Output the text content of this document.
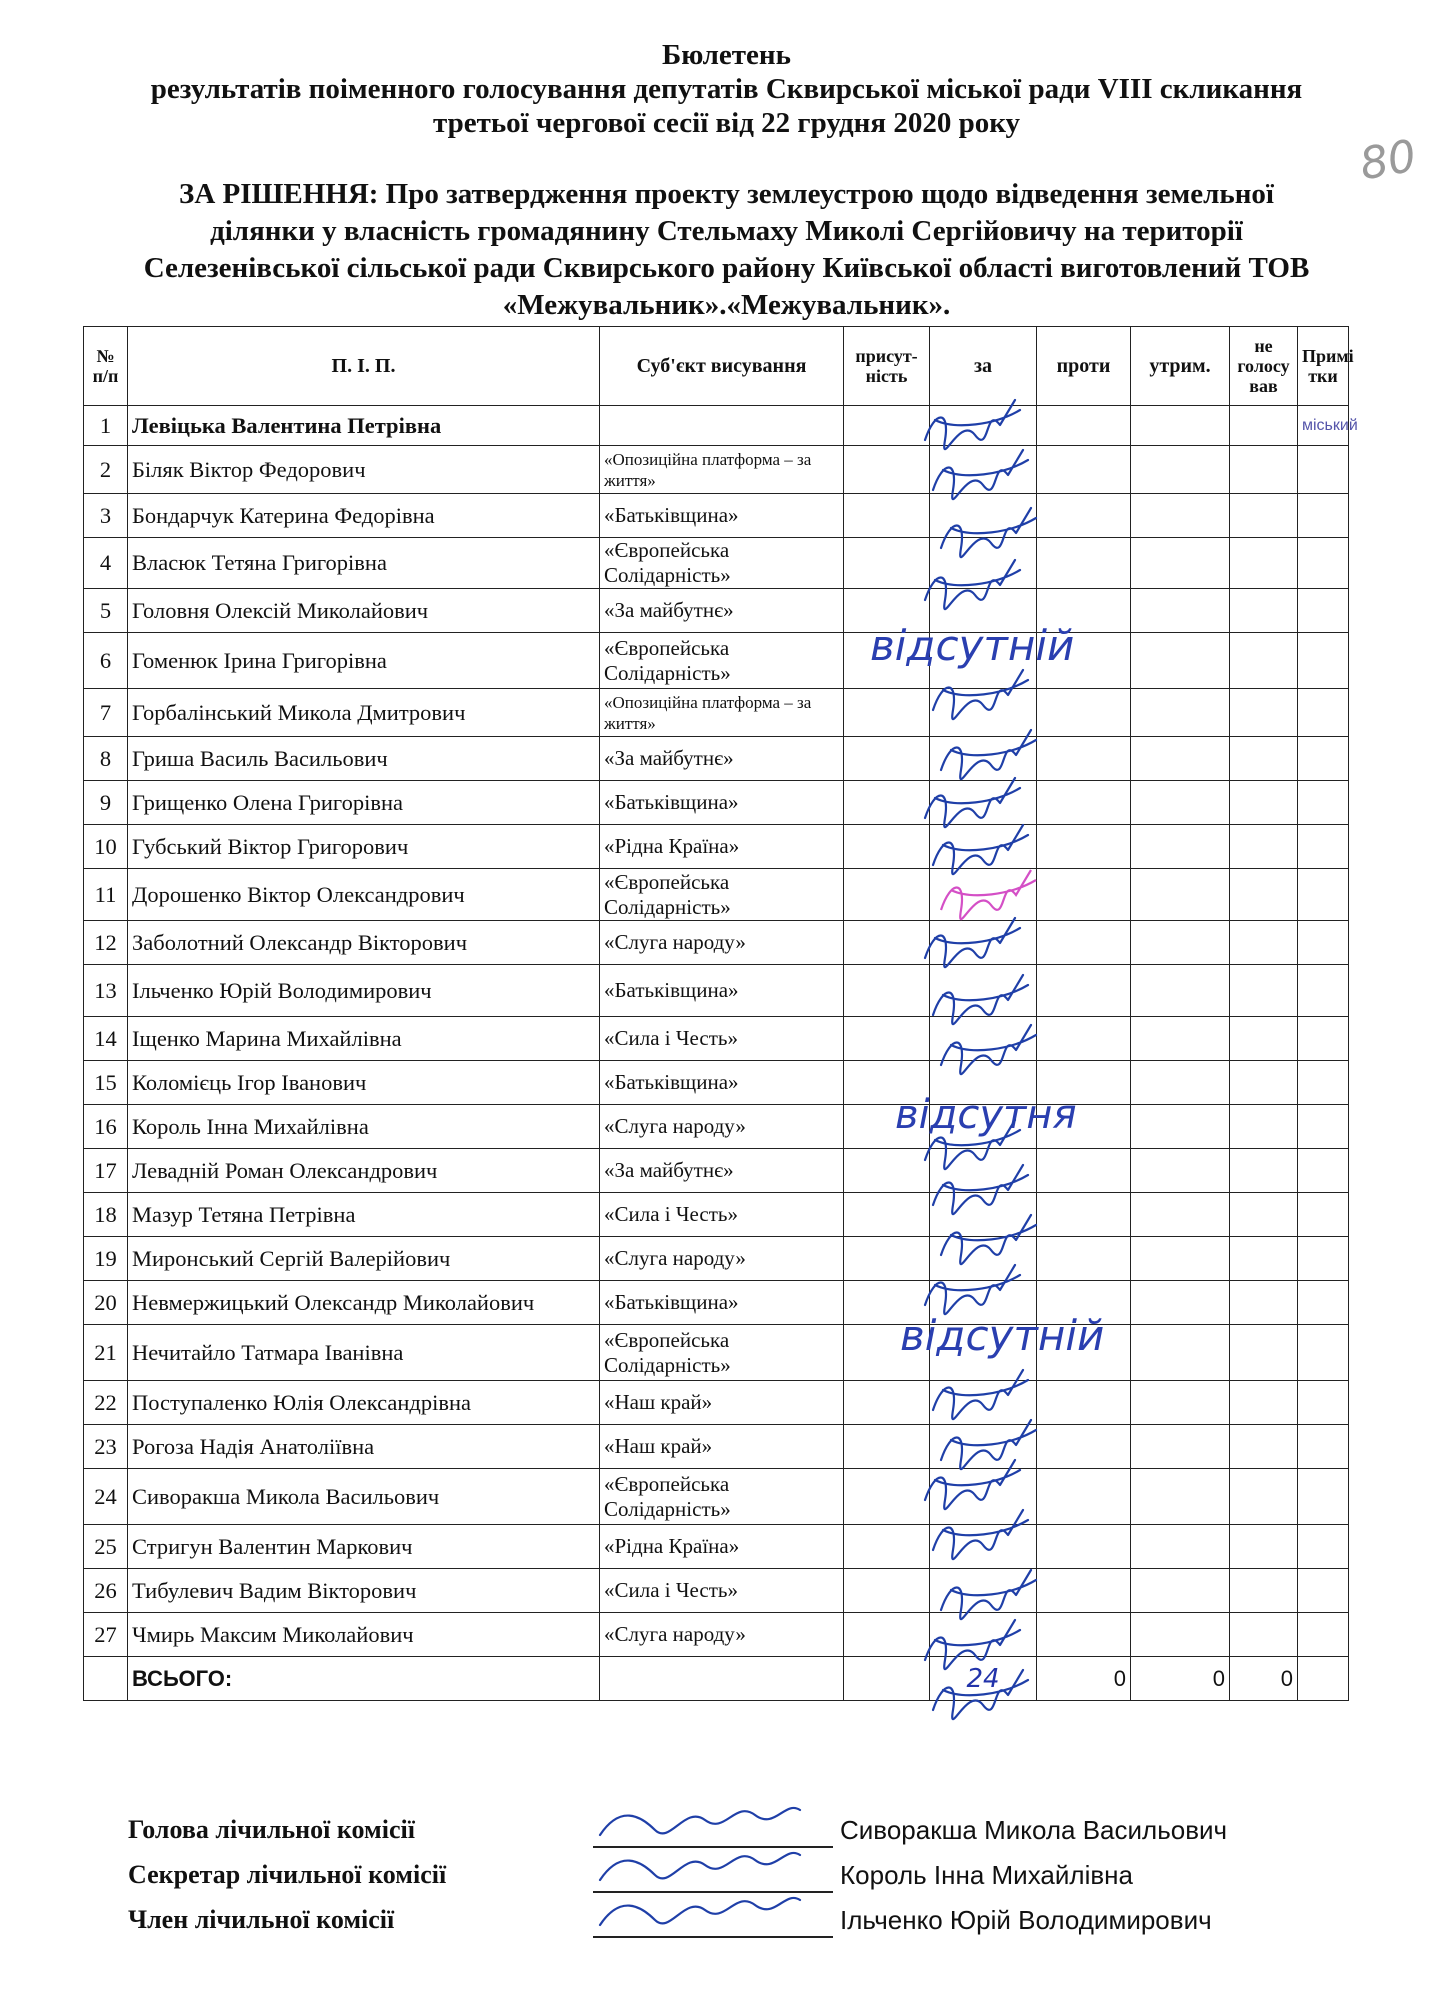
Бюлетень
результатів поіменного голосування депутатів Сквирської міської ради VIII скликання
третьої чергової сесії від 22 грудня 2020 року
ЗА РІШЕННЯ: Про затвердження проекту землеустрою щодо відведення земельної
ділянки у власність громадянину Стельмаху Миколі Сергійовичу на території
Селезенівської сільської ради Сквирського району Київської області виготовлений ТОВ
«Межувальник».«Межувальник».
80
№ п/п	П. І. П.	Суб'єкт висування	присут-ність	за	проти	утрим.	не голосу вав	Примі тки
1	Левіцька Валентина Петрівна							міський
2	Біляк Віктор Федорович	«Опозиційна платформа – за життя»						
3	Бондарчук Катерина Федорівна	«Батьківщина»						
4	Власюк Тетяна Григорівна	«Європейська Солідарність»						
5	Головня Олексій Миколайович	«За майбутнє»						
6	Гоменюк Ірина Григорівна	«Європейська Солідарність»						
7	Горбалінський Микола Дмитрович	«Опозиційна платформа – за життя»						
8	Гриша Василь Васильович	«За майбутнє»						
9	Грищенко Олена Григорівна	«Батьківщина»						
10	Губський Віктор Григорович	«Рідна Країна»						
11	Дорошенко Віктор Олександрович	«Європейська Солідарність»						
12	Заболотний Олександр Вікторович	«Слуга народу»						
13	Ільченко Юрій Володимирович	«Батьківщина»						
14	Іщенко Марина Михайлівна	«Сила і Честь»						
15	Коломієць Ігор Іванович	«Батьківщина»						
16	Король Інна Михайлівна	«Слуга народу»						
17	Левадній Роман Олександрович	«За майбутнє»						
18	Мазур Тетяна Петрівна	«Сила і Честь»						
19	Миронський Сергій Валерійович	«Слуга народу»						
20	Невмержицький Олександр Миколайович	«Батьківщина»						
21	Нечитайло Татмара Іванівна	«Європейська Солідарність»						
22	Поступаленко Юлія Олександрівна	«Наш край»						
23	Рогоза Надія Анатоліївна	«Наш край»						
24	Сиворакша Микола Васильович	«Європейська Солідарність»						
25	Стригун Валентин Маркович	«Рідна Країна»						
26	Тибулевич Вадим Вікторович	«Сила і Честь»						
27	Чмирь Максим Миколайович	«Слуга народу»						
	ВСЬОГО:			24	0	0	0	
відсутній
відсутня
відсутній
Голова лічильної комісії	Сиворакша Микола Васильович
Секретар лічильної комісії	Король Інна Михайлівна
Член лічильної комісії	Ільченко Юрій Володимирович
